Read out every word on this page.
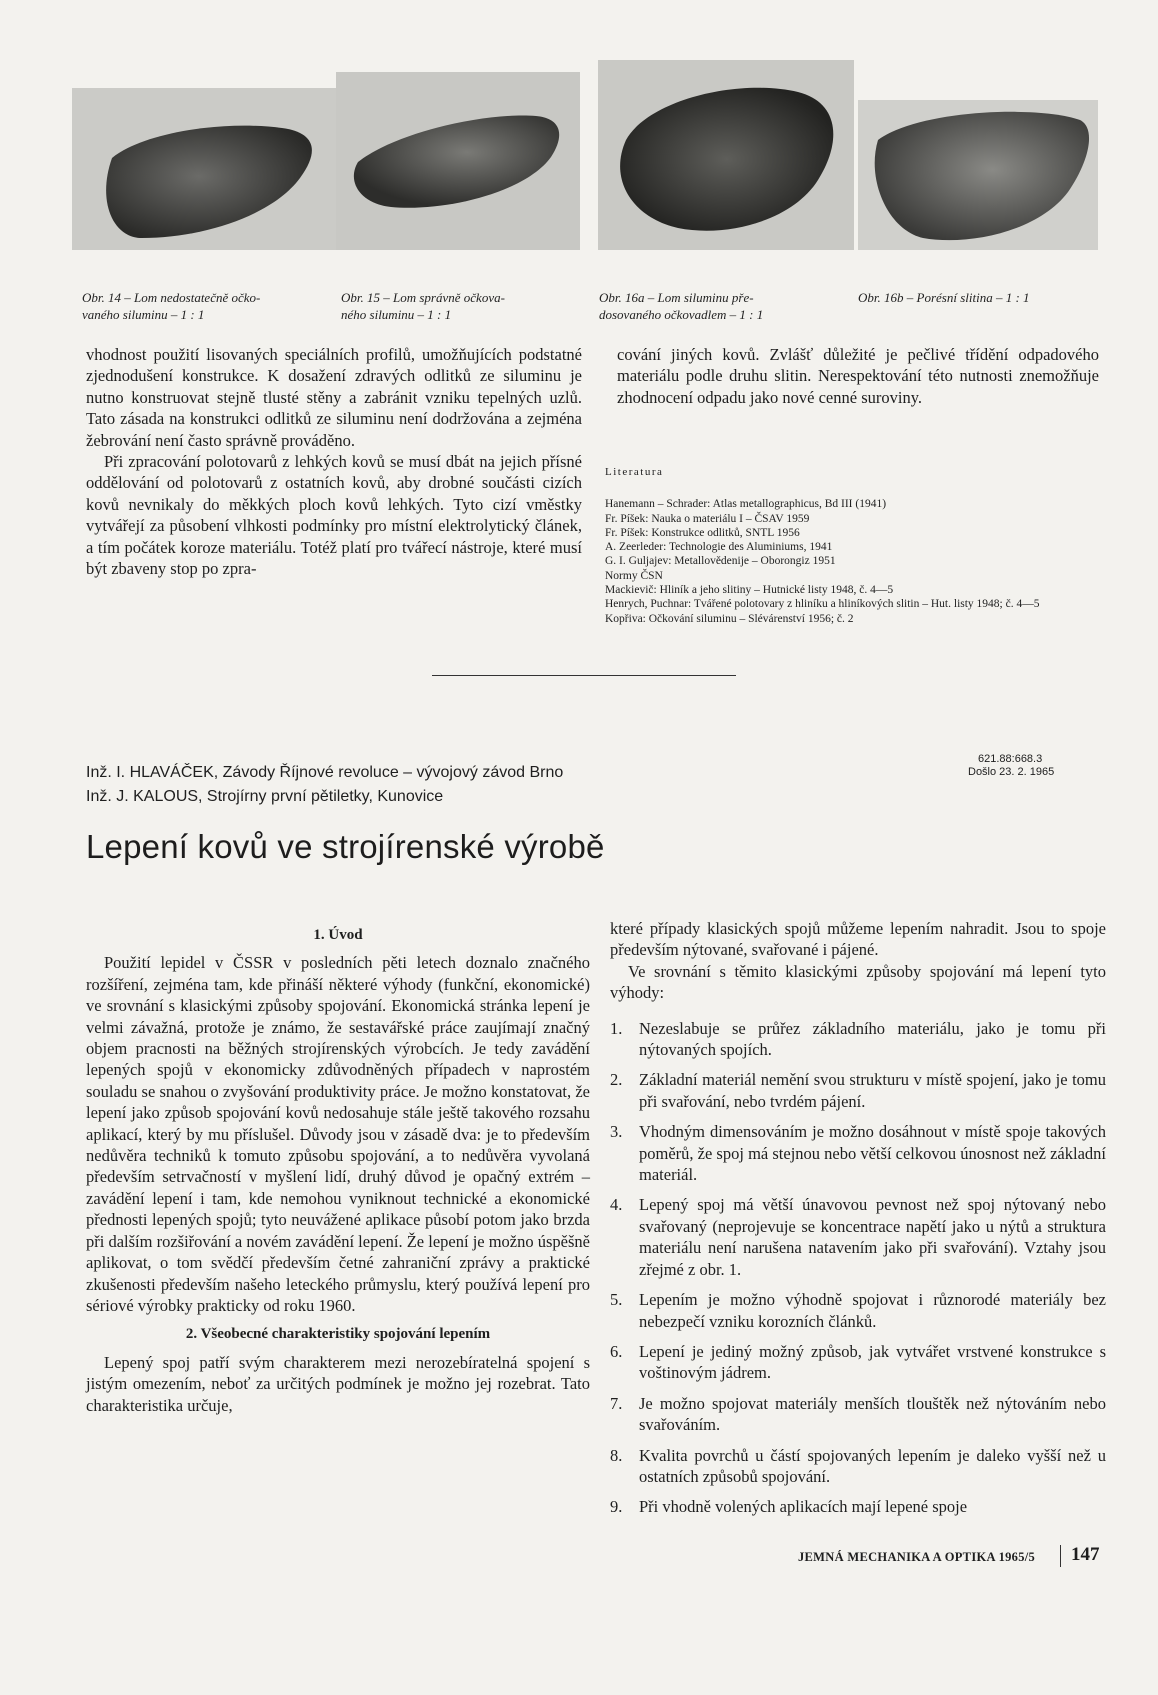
Obr. 14 – Lom nedostatečně očko-
vaného siluminu – 1 : 1
Obr. 15 – Lom správně očkova-
ného siluminu – 1 : 1
Obr. 16a – Lom siluminu pře-
dosovaného očkovadlem – 1 : 1
Obr. 16b – Porésní slitina – 1 : 1

vhodnost použití lisovaných speciálních profilů, umožňujících podstatné zjednodušení konstrukce. K dosažení zdravých odlitků ze siluminu je nutno konstruovat stejně tlusté stěny a zabránit vzniku tepelných uzlů. Tato zásada na konstrukci odlitků ze siluminu není dodržována a zejména žebrování není často správně prováděno.

Při zpracování polotovarů z lehkých kovů se musí dbát na jejich přísné oddělování od polotovarů z ostatních kovů, aby drobné součásti cizích kovů nevnikaly do měkkých ploch kovů lehkých. Tyto cizí vměstky vytvářejí za působení vlhkosti podmínky pro místní elektrolytický článek, a tím počátek koroze materiálu. Totéž platí pro tvářecí nástroje, které musí být zbaveny stop po zpra-

cování jiných kovů. Zvlášť důležité je pečlivé třídění odpadového materiálu podle druhu slitin. Nerespektování této nutnosti znemožňuje zhodnocení odpadu jako nové cenné suroviny.

Literatura
Hanemann – Schrader: Atlas metallographicus, Bd III (1941)
Fr. Píšek: Nauka o materiálu I – ČSAV 1959
Fr. Píšek: Konstrukce odlitků, SNTL 1956
A. Zeerleder: Technologie des Aluminiums, 1941
G. I. Guljajev: Metallovědenije – Oborongiz 1951
Normy ČSN
Mackievič: Hliník a jeho slitiny – Hutnické listy 1948, č. 4—5
Henrych, Puchnar: Tvářené polotovary z hliníku a hliníkových slitin – Hut. listy 1948; č. 4—5
Kopřiva: Očkování siluminu – Slévárenství 1956; č. 2
Inž. I. HLAVÁČEK, Závody Říjnové revoluce – vývojový závod Brno
Inž. J. KALOUS, Strojírny první pětiletky, Kunovice
621.88:668.3
Došlo 23. 2. 1965
Lepení kovů ve strojírenské výrobě
1. Úvod

Použití lepidel v ČSSR v posledních pěti letech doznalo značného rozšíření, zejména tam, kde přináší některé výhody (funkční, ekonomické) ve srovnání s klasickými způsoby spojování. Ekonomická stránka lepení je velmi závažná, protože je známo, že sestavářské práce zaujímají značný objem pracnosti na běžných strojírenských výrobcích. Je tedy zavádění lepených spojů v ekonomicky zdůvodněných případech v naprostém souladu se snahou o zvyšování produktivity práce. Je možno konstatovat, že lepení jako způsob spojování kovů nedosahuje stále ještě takového rozsahu aplikací, který by mu příslušel. Důvody jsou v zásadě dva: je to především nedůvěra techniků k tomuto způsobu spojování, a to nedůvěra vyvolaná především setrvačností v myšlení lidí, druhý důvod je opačný extrém – zavádění lepení i tam, kde nemohou vyniknout technické a ekonomické přednosti lepených spojů; tyto neuvážené aplikace působí potom jako brzda při dalším rozšiřování a novém zavádění lepení. Že lepení je možno úspěšně aplikovat, o tom svědčí především četné zahraniční zprávy a praktické zkušenosti především našeho leteckého průmyslu, který používá lepení pro sériové výrobky prakticky od roku 1960.

2. Všeobecné charakteristiky spojování lepením

Lepený spoj patří svým charakterem mezi nerozebíratelná spojení s jistým omezením, neboť za určitých podmínek je možno jej rozebrat. Tato charakteristika určuje,

které případy klasických spojů můžeme lepením nahradit. Jsou to spoje především nýtované, svařované i pájené.

Ve srovnání s těmito klasickými způsoby spojování má lepení tyto výhody:

1. Nezeslabuje se průřez základního materiálu, jako je tomu při nýtovaných spojích.
2. Základní materiál nemění svou strukturu v místě spojení, jako je tomu při svařování, nebo tvrdém pájení.
3. Vhodným dimensováním je možno dosáhnout v místě spoje takových poměrů, že spoj má stejnou nebo větší celkovou únosnost než základní materiál.
4. Lepený spoj má větší únavovou pevnost než spoj nýtovaný nebo svařovaný (neprojevuje se koncentrace napětí jako u nýtů a struktura materiálu není narušena natavením jako při svařování). Vztahy jsou zřejmé z obr. 1.
5. Lepením je možno výhodně spojovat i různorodé materiály bez nebezpečí vzniku korozních článků.
6. Lepení je jediný možný způsob, jak vytvářet vrstvené konstrukce s voštinovým jádrem.
7. Je možno spojovat materiály menších tlouštěk než nýtováním nebo svařováním.
8. Kvalita povrchů u částí spojovaných lepením je daleko vyšší než u ostatních způsobů spojování.
9. Při vhodně volených aplikacích mají lepené spoje
JEMNÁ MECHANIKA A OPTIKA 1965/5 147
